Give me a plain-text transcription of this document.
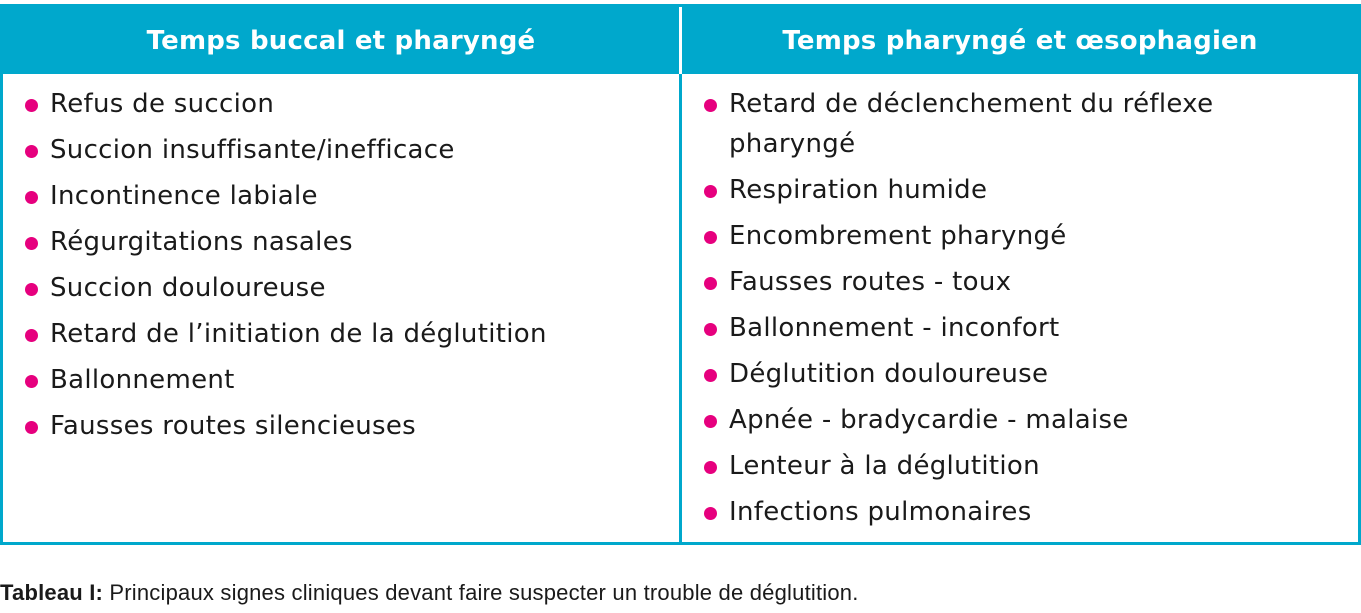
Temps buccal et pharyngé	Temps pharyngé et œsophagien
Refus de succion
Succion insuffisante/inefficace
Incontinence labiale
Régurgitations nasales
Succion douloureuse
Retard de l’initiation de la déglutition
Ballonnement
Fausses routes silencieuses
Retard de déclenchement du réflexe pharyngé
Respiration humide
Encombrement pharyngé
Fausses routes - toux
Ballonnement - inconfort
Déglutition douloureuse
Apnée - bradycardie - malaise
Lenteur à la déglutition
Infections pulmonaires
Tableau I: Principaux signes cliniques devant faire suspecter un trouble de déglutition.
